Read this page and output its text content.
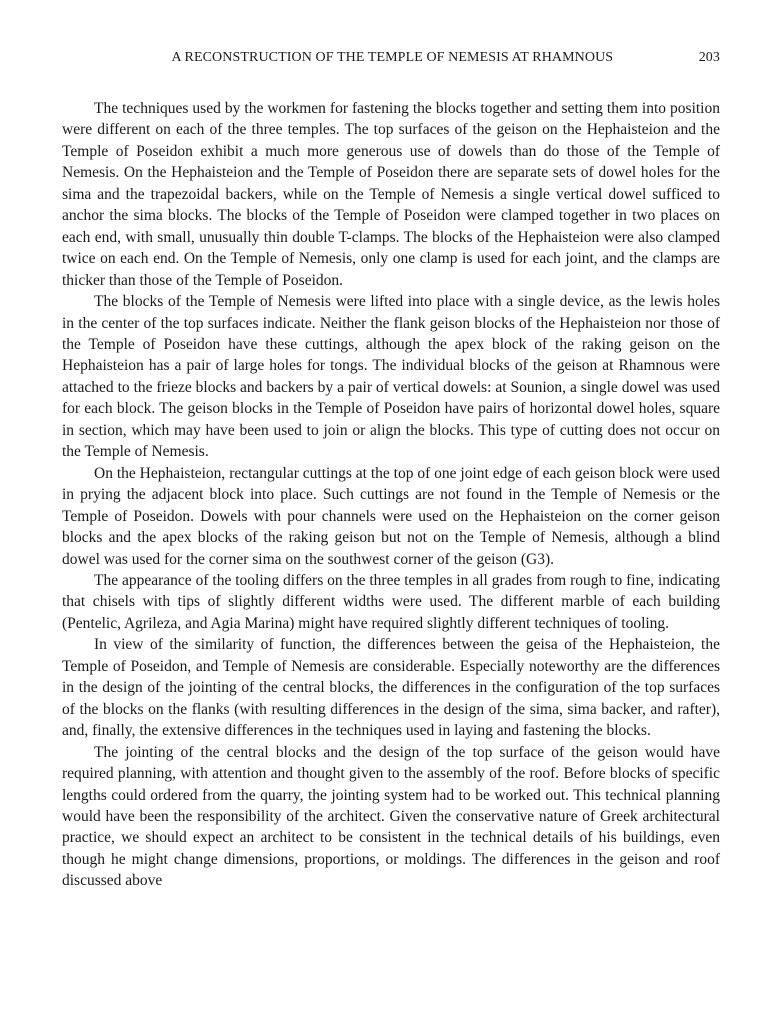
A RECONSTRUCTION OF THE TEMPLE OF NEMESIS AT RHAMNOUS	203

The techniques used by the workmen for fastening the blocks together and setting them into position were different on each of the three temples. The top surfaces of the geison on the Hephaisteion and the Temple of Poseidon exhibit a much more generous use of dowels than do those of the Temple of Nemesis. On the Hephaisteion and the Temple of Poseidon there are separate sets of dowel holes for the sima and the trapezoidal backers, while on the Temple of Nemesis a single vertical dowel sufficed to anchor the sima blocks. The blocks of the Temple of Poseidon were clamped together in two places on each end, with small, unusually thin double T-clamps. The blocks of the Hephaisteion were also clamped twice on each end. On the Temple of Nemesis, only one clamp is used for each joint, and the clamps are thicker than those of the Temple of Poseidon.

The blocks of the Temple of Nemesis were lifted into place with a single device, as the lewis holes in the center of the top surfaces indicate. Neither the flank geison blocks of the Hephaisteion nor those of the Temple of Poseidon have these cuttings, although the apex block of the raking geison on the Hephaisteion has a pair of large holes for tongs. The individual blocks of the geison at Rhamnous were attached to the frieze blocks and backers by a pair of vertical dowels: at Sounion, a single dowel was used for each block. The geison blocks in the Temple of Poseidon have pairs of horizontal dowel holes, square in section, which may have been used to join or align the blocks. This type of cutting does not occur on the Temple of Nemesis.

On the Hephaisteion, rectangular cuttings at the top of one joint edge of each geison block were used in prying the adjacent block into place. Such cuttings are not found in the Temple of Nemesis or the Temple of Poseidon. Dowels with pour channels were used on the Hephaisteion on the corner geison blocks and the apex blocks of the raking geison but not on the Temple of Nemesis, although a blind dowel was used for the corner sima on the southwest corner of the geison (G3).

The appearance of the tooling differs on the three temples in all grades from rough to fine, indicating that chisels with tips of slightly different widths were used. The different marble of each building (Pentelic, Agrileza, and Agia Marina) might have required slightly different techniques of tooling.

In view of the similarity of function, the differences between the geisa of the Hephaisteion, the Temple of Poseidon, and Temple of Nemesis are considerable. Especially noteworthy are the differences in the design of the jointing of the central blocks, the differences in the configuration of the top surfaces of the blocks on the flanks (with resulting differences in the design of the sima, sima backer, and rafter), and, finally, the extensive differences in the techniques used in laying and fastening the blocks.

The jointing of the central blocks and the design of the top surface of the geison would have required planning, with attention and thought given to the assembly of the roof. Before blocks of specific lengths could ordered from the quarry, the jointing system had to be worked out. This technical planning would have been the responsibility of the architect. Given the conservative nature of Greek architectural practice, we should expect an architect to be consistent in the technical details of his buildings, even though he might change dimensions, proportions, or moldings. The differences in the geison and roof discussed above
